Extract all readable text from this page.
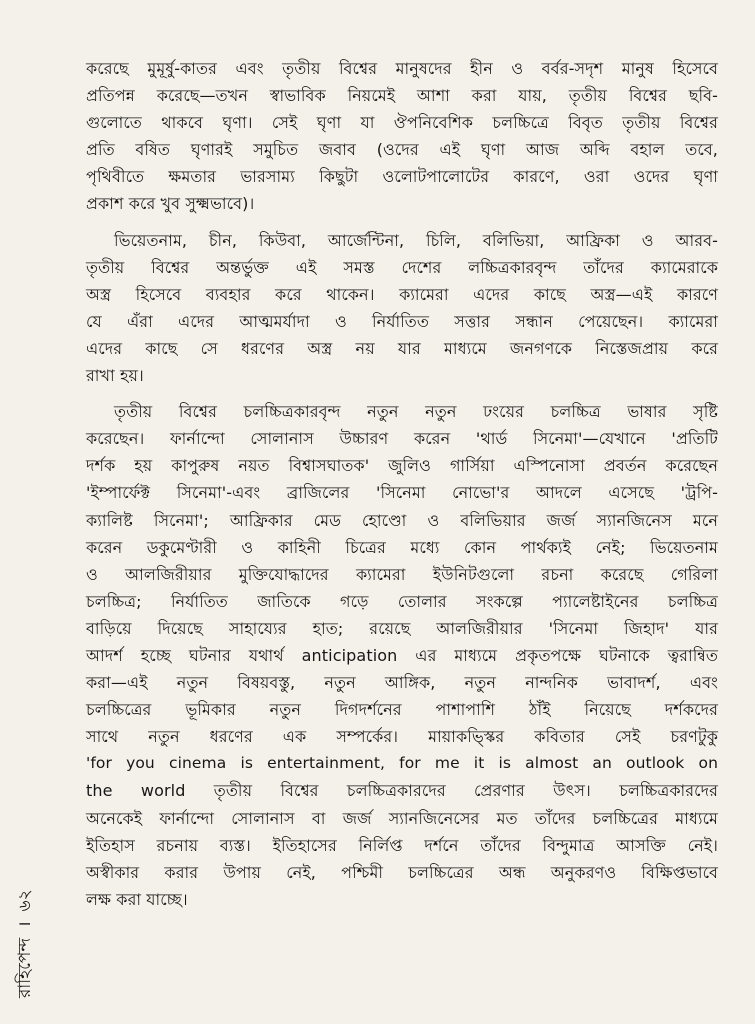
করেছে মুমূর্ষু-কাতর এবং তৃতীয় বিশ্বের মানুষদের হীন ও বর্বর-সদৃশ মানুষ হিসেবে
প্রতিপন্ন করেছে—তখন স্বাভাবিক নিয়মেই আশা করা যায়, তৃতীয় বিশ্বের ছবি-
গুলোতে থাকবে ঘৃণা। সেই ঘৃণা যা ঔপনিবেশিক চলচ্চিত্রে বিবৃত তৃতীয় বিশ্বের
প্রতি বষিত ঘৃণারই সমুচিত জবাব (ওদের এই ঘৃণা আজ অব্দি বহাল তবে,
পৃথিবীতে ক্ষমতার ভারসাম্য কিছুটা ওলোটপালোটের কারণে, ওরা ওদের ঘৃণা
প্রকাশ করে খুব সুক্ষ্মভাবে)।

ভিয়েতনাম, চীন, কিউবা, আর্জেন্টিনা, চিলি, বলিভিয়া, আফ্রিকা ও আরব-
তৃতীয় বিশ্বের অন্তর্ভুক্ত এই সমস্ত দেশের লচ্চিত্রকারবৃন্দ তাঁদের ক্যামেরাকে
অস্ত্র হিসেবে ব্যবহার করে থাকেন। ক্যামেরা এদের কাছে অস্ত্র—এই কারণে
যে এঁরা এদের আত্মমর্যাদা ও নির্যাতিত সত্তার সন্ধান পেয়েছেন। ক্যামেরা
এদের কাছে সে ধরণের অস্ত্র নয় যার মাধ্যমে জনগণকে নিস্তেজপ্রায় করে
রাখা হয়।

তৃতীয় বিশ্বের চলচ্চিত্রকারবৃন্দ নতুন নতুন ঢংয়ের চলচ্চিত্র ভাষার সৃষ্টি
করেছেন। ফার্নান্দো সোলানাস উচ্চারণ করেন 'থার্ড সিনেমা'—যেখানে 'প্রতিটি
দর্শক হয় কাপুরুষ নয়ত বিশ্বাসঘাতক' জুলিও গার্সিয়া এস্পিনোসা প্রবর্তন করেছেন
'ইম্পার্ফেক্ট সিনেমা'-এবং ব্রাজিলের 'সিনেমা নোভো'র আদলে এসেছে 'ট্রপি-
ক্যালিষ্ট সিনেমা'; আফ্রিকার মেড হোণ্ডো ও বলিভিয়ার জর্জ স্যানজিনেস মনে
করেন ডকুমেণ্টারী ও কাহিনী চিত্রের মধ্যে কোন পার্থক্যই নেই; ভিয়েতনাম
ও আলজিরীয়ার মুক্তিযোদ্ধাদের ক্যামেরা ইউনিটগুলো রচনা করেছে গেরিলা
চলচ্চিত্র; নির্যাতিত জাতিকে গড়ে তোলার সংকল্পে প্যালেষ্টাইনের চলচ্চিত্র
বাড়িয়ে দিয়েছে সাহায্যের হাত; রয়েছে আলজিরীয়ার 'সিনেমা জিহাদ' যার
আদর্শ হচ্ছে ঘটনার যথার্থ anticipation এর মাধ্যমে প্রকৃতপক্ষে ঘটনাকে ত্বরান্বিত
করা—এই নতুন বিষয়বস্তু, নতুন আঙ্গিক, নতুন নান্দনিক ভাবাদর্শ, এবং
চলচ্চিত্রের ভূমিকার নতুন দিগদর্শনের পাশাপাশি ঠাঁই নিয়েছে দর্শকদের
সাথে নতুন ধরণের এক সম্পর্কের। মায়াকভ্স্কির কবিতার সেই চরণটুকু
'for you cinema is entertainment, for me it is almost an outlook on
the world তৃতীয় বিশ্বের চলচ্চিত্রকারদের প্রেরণার উৎস। চলচ্চিত্রকারদের
অনেকেই ফার্নান্দো সোলানাস বা জর্জ স্যানজিনেসের মত তাঁদের চলচ্চিত্রের মাধ্যমে
ইতিহাস রচনায় ব্যস্ত। ইতিহাসের নির্লিপ্ত দর্শনে তাঁদের বিন্দুমাত্র আসক্তি নেই।
অস্বীকার করার উপায় নেই, পশ্চিমী চলচ্চিত্রের অন্ধ অনুকরণও বিক্ষিপ্তভাবে
লক্ষ করা যাচ্ছে।

রাহিপেন্দ
।
৬২
